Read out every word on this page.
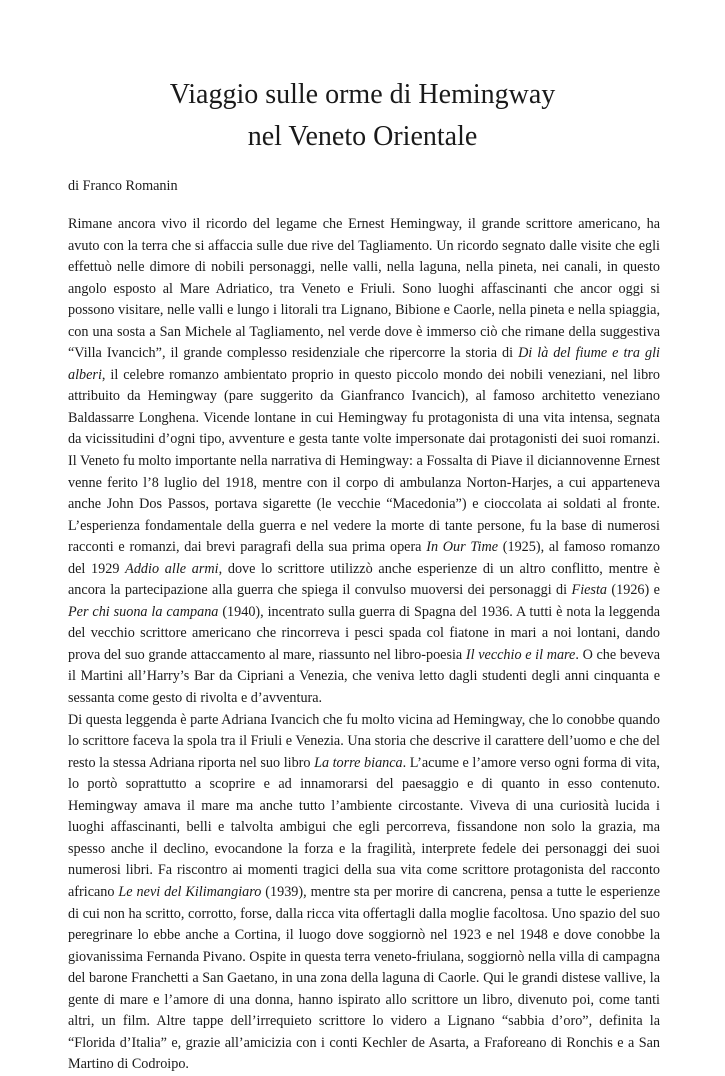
Viaggio sulle orme di Hemingway
nel Veneto Orientale

di Franco Romanin

Rimane ancora vivo il ricordo del legame che Ernest Hemingway, il grande scrittore americano, ha avuto con la terra che si affaccia sulle due rive del Tagliamento. Un ricordo segnato dalle visite che egli effettuò nelle dimore di nobili personaggi, nelle valli, nella laguna, nella pineta, nei canali, in questo angolo esposto al Mare Adriatico, tra Veneto e Friuli. Sono luoghi affascinanti che ancor oggi si possono visitare, nelle valli e lungo i litorali tra Lignano, Bibione e Caorle, nella pineta e nella spiaggia, con una sosta a San Michele al Tagliamento, nel verde dove è immerso ciò che rimane della suggestiva “Villa Ivancich”, il grande complesso residenziale che ripercorre la storia di Di là del fiume e tra gli alberi, il celebre romanzo ambientato proprio in questo piccolo mondo dei nobili veneziani, nel libro attribuito da Hemingway (pare suggerito da Gianfranco Ivancich), al famoso architetto veneziano Baldassarre Longhena. Vicende lontane in cui Hemingway fu protagonista di una vita intensa, segnata da vicissitudini d’ogni tipo, avventure e gesta tante volte impersonate dai protagonisti dei suoi romanzi. Il Veneto fu molto importante nella narrativa di Hemingway: a Fossalta di Piave il diciannovenne Ernest venne ferito l’8 luglio del 1918, mentre con il corpo di ambulanza Norton-Harjes, a cui apparteneva anche John Dos Passos, portava sigarette (le vecchie “Macedonia”) e cioccolata ai soldati al fronte. L’esperienza fondamentale della guerra e nel vedere la morte di tante persone, fu la base di numerosi racconti e romanzi, dai brevi paragrafi della sua prima opera In Our Time (1925), al famoso romanzo del 1929 Addio alle armi, dove lo scrittore utilizzò anche esperienze di un altro conflitto, mentre è ancora la partecipazione alla guerra che spiega il convulso muoversi dei personaggi di Fiesta (1926) e Per chi suona la campana (1940), incentrato sulla guerra di Spagna del 1936. A tutti è nota la leggenda del vecchio scrittore americano che rincorreva i pesci spada col fiatone in mari a noi lontani, dando prova del suo grande attaccamento al mare, riassunto nel libro-poesia Il vecchio e il mare. O che beveva il Martini all’Harry’s Bar da Cipriani a Venezia, che veniva letto dagli studenti degli anni cinquanta e sessanta come gesto di rivolta e d’avventura.

Di questa leggenda è parte Adriana Ivancich che fu molto vicina ad Hemingway, che lo conobbe quando lo scrittore faceva la spola tra il Friuli e Venezia. Una storia che descrive il carattere dell’uomo e che del resto la stessa Adriana riporta nel suo libro La torre bianca. L’acume e l’amore verso ogni forma di vita, lo portò soprattutto a scoprire e ad innamorarsi del paesaggio e di quanto in esso contenuto. Hemingway amava il mare ma anche tutto l’ambiente circostante. Viveva di una curiosità lucida i luoghi affascinanti, belli e talvolta ambigui che egli percorreva, fissandone non solo la grazia, ma spesso anche il declino, evocandone la forza e la fragilità, interprete fedele dei personaggi dei suoi numerosi libri. Fa riscontro ai momenti tragici della sua vita come scrittore protagonista del racconto africano Le nevi del Kilimangiaro (1939), mentre sta per morire di cancrena, pensa a tutte le esperienze di cui non ha scritto, corrotto, forse, dalla ricca vita offertagli dalla moglie facoltosa. Uno spazio del suo peregrinare lo ebbe anche a Cortina, il luogo dove soggiornò nel 1923 e nel 1948 e dove conobbe la giovanissima Fernanda Pivano. Ospite in questa terra veneto-friulana, soggiornò nella villa di campagna del barone Franchetti a San Gaetano, in una zona della laguna di Caorle. Qui le grandi distese vallive, la gente di mare e l’amore di una donna, hanno ispirato allo scrittore un libro, divenuto poi, come tanti altri, un film. Altre tappe dell’irrequieto scrittore lo videro a Lignano “sabbia d’oro”, definita la “Florida d’Italia” e, grazie all’amicizia con i conti Kechler de Asarta, a Fraforeano di Ronchis e a San Martino di Codroipo.
